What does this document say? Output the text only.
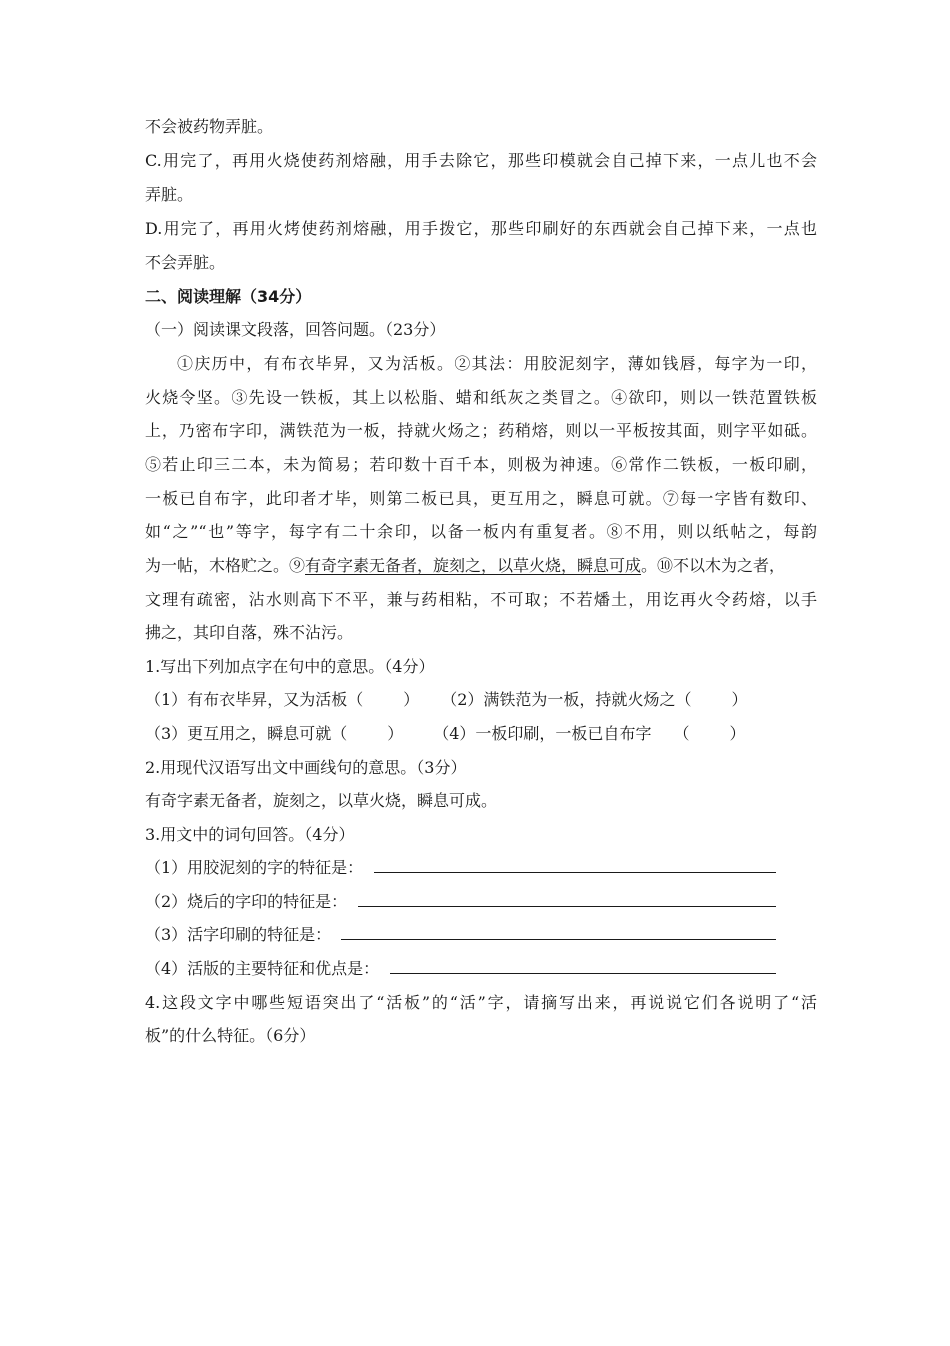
不会被药物弄脏。
C.用完了，再用火烧使药剂熔融，用手去除它，那些印模就会自己掉下来，一点儿也不会
弄脏。
D.用完了，再用火烤使药剂熔融，用手拨它，那些印刷好的东西就会自己掉下来，一点也
不会弄脏。
二、阅读理解（34分）
（一）阅读课文段落，回答问题。（23分）
①庆历中，有布衣毕昇，又为活板。②其法：用胶泥刻字，薄如钱唇，每字为一印，
火烧令坚。③先设一铁板，其上以松脂、蜡和纸灰之类冒之。④欲印，则以一铁范置铁板
上，乃密布字印，满铁范为一板，持就火炀之；药稍熔，则以一平板按其面，则字平如砥。
⑤若止印三二本，未为简易；若印数十百千本，则极为神速。⑥常作二铁板，一板印刷，
一板已自布字，此印者才毕，则第二板已具，更互用之，瞬息可就。⑦每一字皆有数印、
如“之”“也”等字，每字有二十余印，以备一板内有重复者。⑧不用，则以纸帖之，每韵
为一帖，木格贮之。⑨有奇字素无备者，旋刻之，以草火烧，瞬息可成。⑩不以木为之者，
文理有疏密，沾水则高下不平，兼与药相粘，不可取；不若燔土，用讫再火令药熔，以手
拂之，其印自落，殊不沾污。
1.写出下列加点字在句中的意思。（4分）
（1）有布衣毕昇，又为活板（	） （2）满铁范为一板，持就火炀之（	）
（3）更互用之，瞬息可就（	） （4）一板印刷，一板已自布字 （	）
2.用现代汉语写出文中画线句的意思。（3分）
有奇字素无备者，旋刻之，以草火烧，瞬息可成。
3.用文中的词句回答。（4分）
（1）用胶泥刻的字的特征是：
（2）烧后的字印的特征是：
（3）活字印刷的特征是：
（4）活版的主要特征和优点是：
4.这段文字中哪些短语突出了“活板”的“活”字，请摘写出来，再说说它们各说明了“活
板”的什么特征。（6分）
